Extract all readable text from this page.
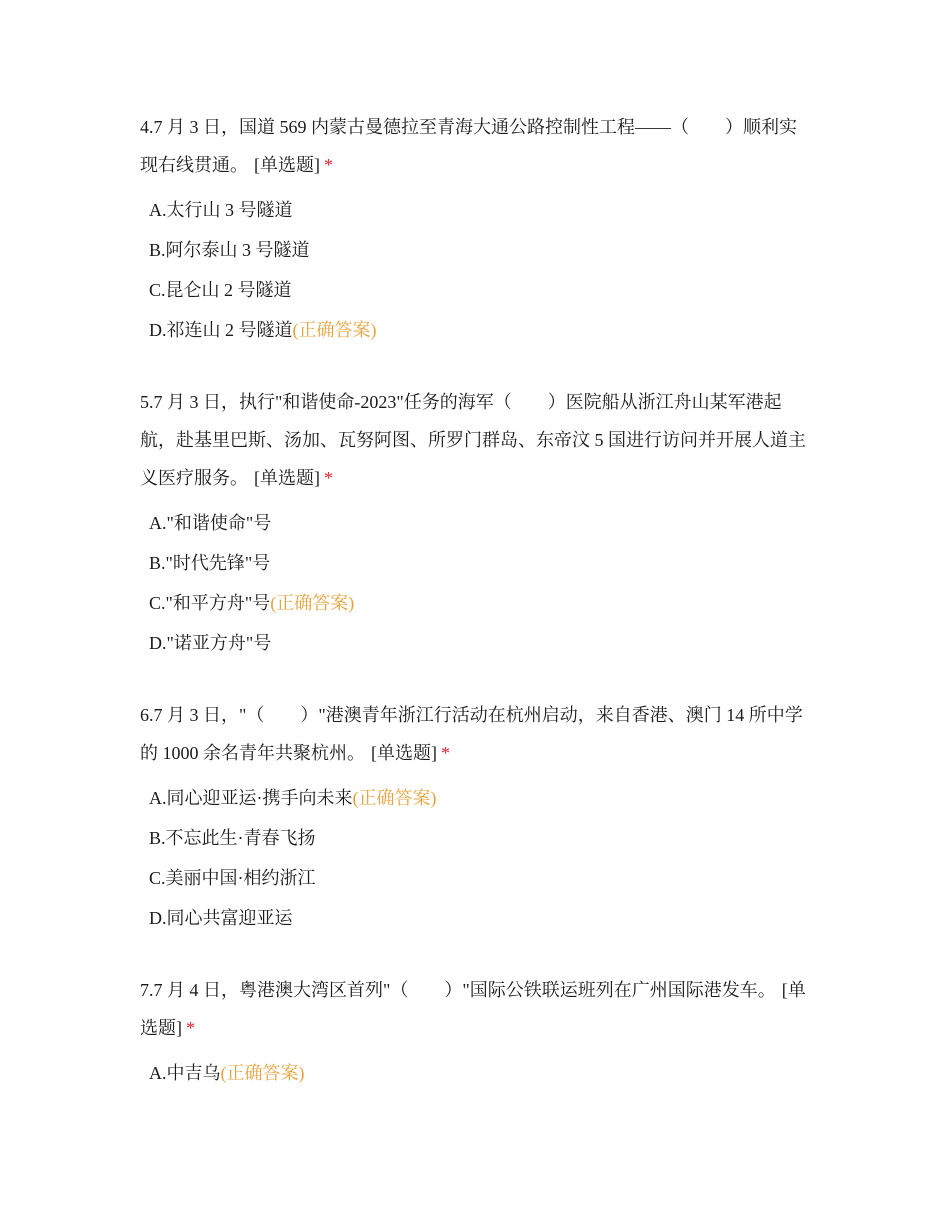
4.7 月 3 日，国道 569 内蒙古曼德拉至青海大通公路控制性工程——（　　）顺利实现右线贯通。 [单选题] *
A.太行山 3 号隧道
B.阿尔泰山 3 号隧道
C.昆仑山 2 号隧道
D.祁连山 2 号隧道(正确答案)
5.7 月 3 日，执行"和谐使命-2023"任务的海军（　　）医院船从浙江舟山某军港起航，赴基里巴斯、汤加、瓦努阿图、所罗门群岛、东帝汶 5 国进行访问并开展人道主义医疗服务。 [单选题] *
A."和谐使命"号
B."时代先锋"号
C."和平方舟"号(正确答案)
D."诺亚方舟"号
6.7 月 3 日，"（　　）"港澳青年浙江行活动在杭州启动，来自香港、澳门 14 所中学的 1000 余名青年共聚杭州。 [单选题] *
A.同心迎亚运·携手向未来(正确答案)
B.不忘此生·青春飞扬
C.美丽中国·相约浙江
D.同心共富迎亚运
7.7 月 4 日，粤港澳大湾区首列"（　　）"国际公铁联运班列在广州国际港发车。 [单选题] *
A.中吉乌(正确答案)
